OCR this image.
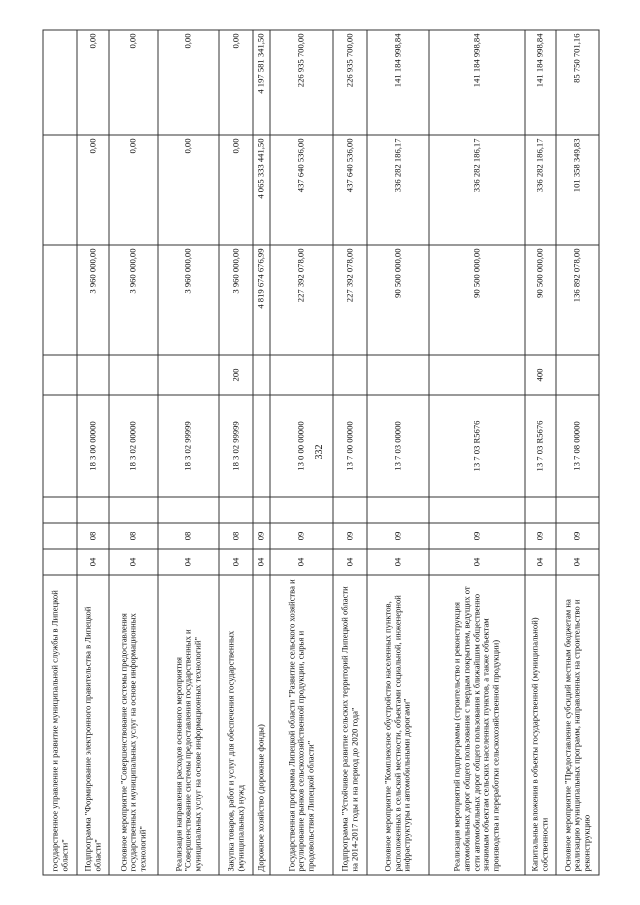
332
государственное управление и развитие муниципальной службы в Липецкой области"								
Подпрограмма "Формирование электронного правительства в Липецкой области"	04	08		18 3 00 00000		3 960 000,00	0,00	0,00
Основное мероприятие "Совершенствование системы предоставления государственных и муниципальных услуг на основе информационных технологий"	04	08		18 3 02 00000		3 960 000,00	0,00	0,00
Реализация направления расходов основного мероприятия "Совершенствование системы предоставления государственных и муниципальных услуг на основе информационных технологий"	04	08		18 3 02 99999		3 960 000,00	0,00	0,00
Закупка товаров, работ и услуг для обеспечения государственных (муниципальных) нужд	04	08		18 3 02 99999	200	3 960 000,00	0,00	0,00
Дорожное хозяйство (дорожные фонды)	04	09				4 819 674 676,99	4 065 333 441,50	4 197 581 341,50
Государственная программа Липецкой области "Развитие сельского хозяйства и регулирование рынков сельскохозяйственной продукции, сырья и продовольствия Липецкой области"	04	09		13 0 00 00000		227 392 078,00	437 640 536,00	226 935 700,00
Подпрограмма "Устойчивое развитие сельских территорий Липецкой области на 2014-2017 годы и на период до 2020 года"	04	09		13 7 00 00000		227 392 078,00	437 640 536,00	226 935 700,00
Основное мероприятие "Комплексное обустройство населенных пунктов, расположенных в сельской местности, объектами социальной, инженерной инфраструктуры и автомобильными дорогами"	04	09		13 7 03 00000		90 500 000,00	336 282 186,17	141 184 998,84
Реализация мероприятий подпрограммы (строительство и реконструкция автомобильных дорог общего пользования с твердым покрытием, ведущих от сети автомобильных дорог общего пользования к ближайшим общественно значимым объектам сельских населенных пунктов, а также объектам производства и переработки сельскохозяйственной продукции)	04	09		13 7 03 R5676		90 500 000,00	336 282 186,17	141 184 998,84
Капитальные вложения в объекты государственной (муниципальной) собственности	04	09		13 7 03 R5676	400	90 500 000,00	336 282 186,17	141 184 998,84
Основное мероприятие "Предоставление субсидий местным бюджетам на реализацию муниципальных программ, направленных на строительство и реконструкцию	04	09		13 7 08 00000		136 892 078,00	101 358 349,83	85 750 701,16
